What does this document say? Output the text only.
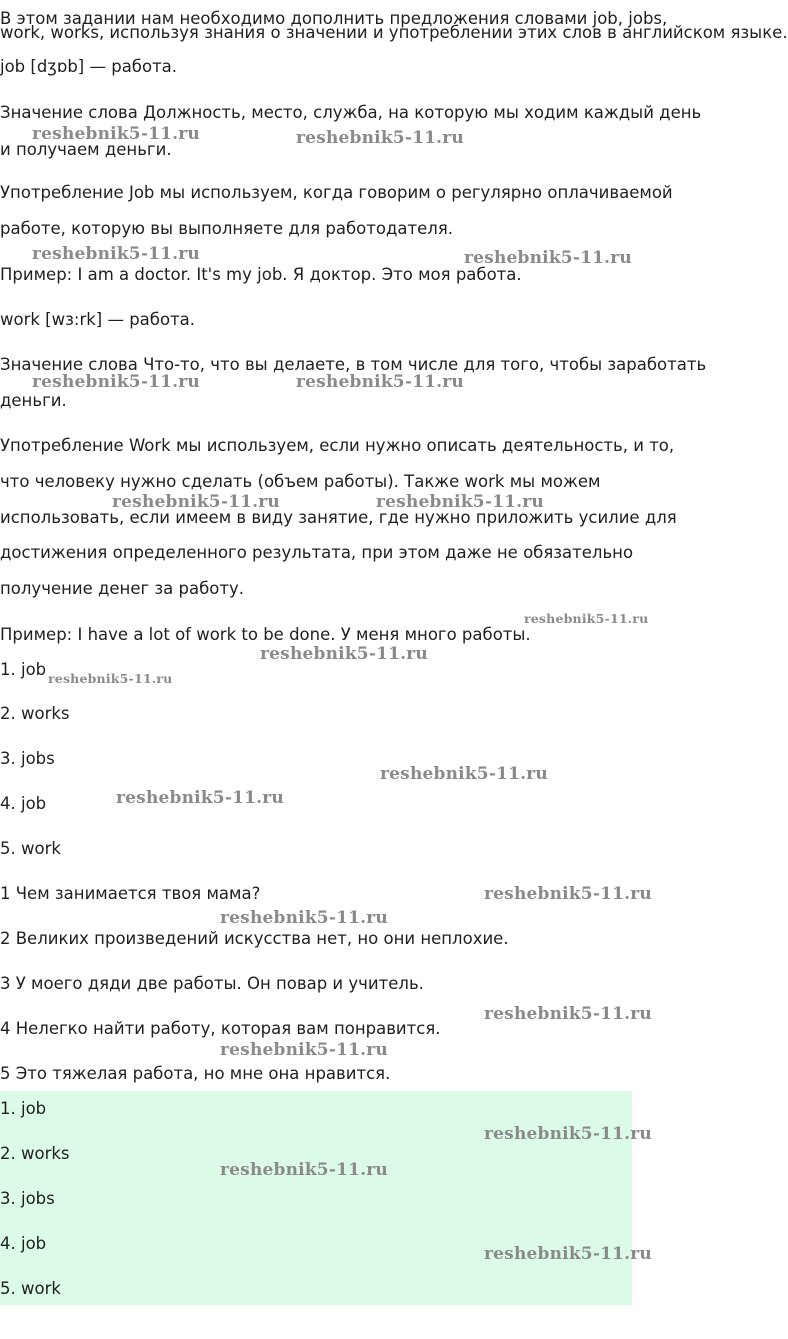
В этом задании нам необходимо дополнить предложения словами job, jobs,
work, works, используя знания о значении и употреблении этих слов в английском языке.
job [dʒɒb] — работа.
Значение слова Должность, место, служба, на которую мы ходим каждый день
и получаем деньги.
Употребление Job мы используем, когда говорим о регулярно оплачиваемой
работе, которую вы выполняете для работодателя.
Пример: I am a doctor. It's my job. Я доктор. Это моя работа.
work [wɜ:rk] — работа.
Значение слова Что-то, что вы делаете, в том числе для того, чтобы заработать
деньги.
Употребление Work мы используем, если нужно описать деятельность, и то,
что человеку нужно сделать (объем работы). Также work мы можем
использовать, если имеем в виду занятие, где нужно приложить усилие для
достижения определенного результата, при этом даже не обязательно
получение денег за работу.
Пример: I have a lot of work to be done. У меня много работы.
1. job
2. works
3. jobs
4. job
5. work
1 Чем занимается твоя мама?
2 Великих произведений искусства нет, но они неплохие.
3 У моего дяди две работы. Он повар и учитель.
4 Нелегко найти работу, которая вам понравится.
5 Это тяжелая работа, но мне она нравится.
1. job
2. works
3. jobs
4. job
5. work
reshebnik5-11.ru	reshebnik5-11.ru
reshebnik5-11.ru	reshebnik5-11.ru
reshebnik5-11.ru	reshebnik5-11.ru
reshebnik5-11.ru	reshebnik5-11.ru
reshebnik5-11.ru
reshebnik5-11.ru
reshebnik5-11.ru
reshebnik5-11.ru
reshebnik5-11.ru
reshebnik5-11.ru
reshebnik5-11.ru
reshebnik5-11.ru
reshebnik5-11.ru
reshebnik5-11.ru
reshebnik5-11.ru
reshebnik5-11.ru
